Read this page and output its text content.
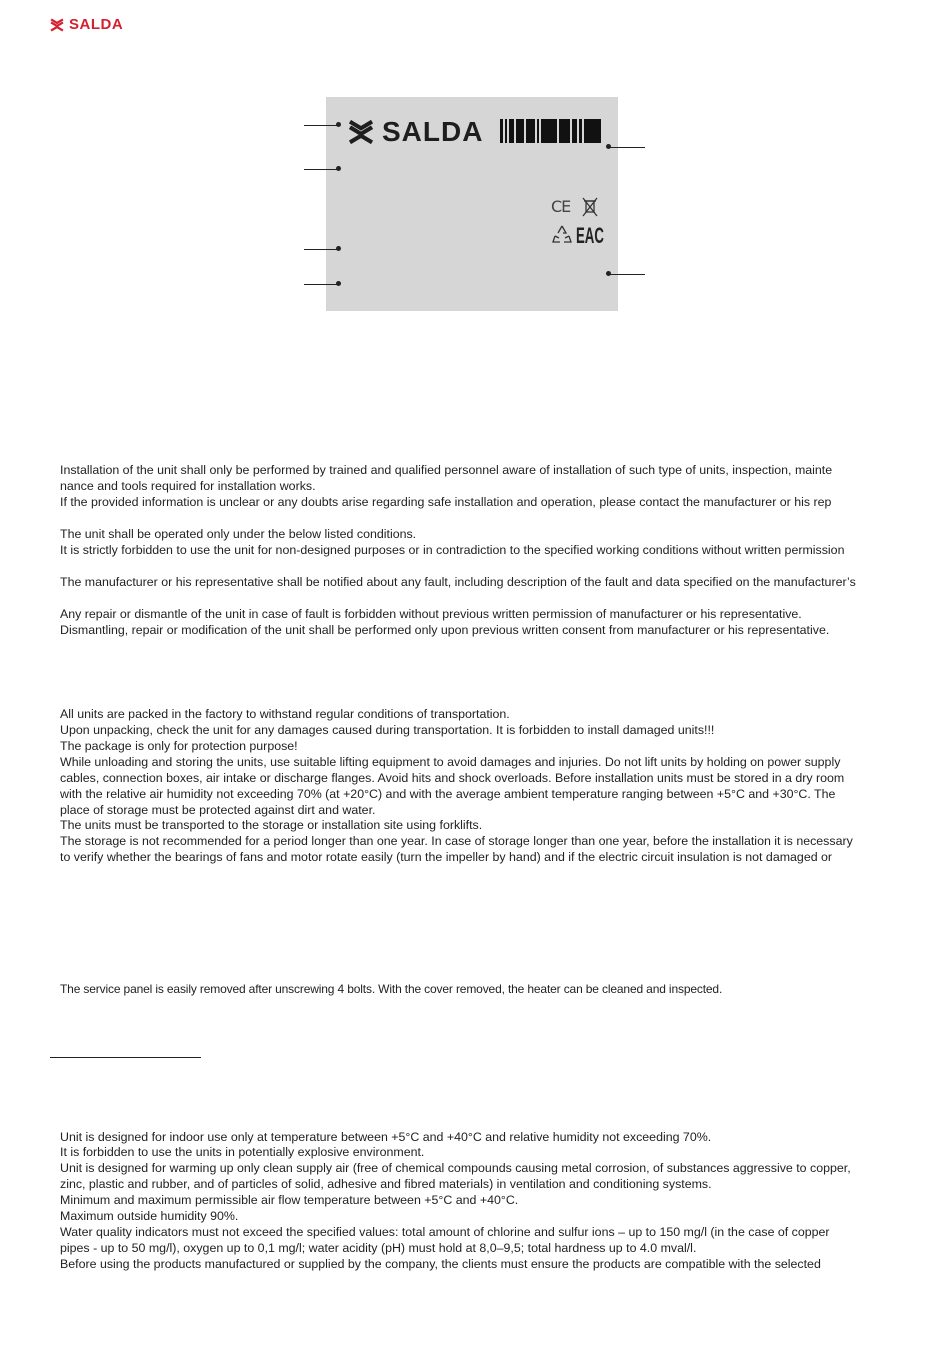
SALDA
SALDA
CE
EAC
Installation of the unit shall only be performed by trained and qualified personnel aware of installation of such type of units, inspection, mainte
nance and tools required for installation works.
If the provided information is unclear or any doubts arise regarding safe installation and operation, please contact the manufacturer or his rep
The unit shall be operated only under the below listed conditions.
It is strictly forbidden to use the unit for non-designed purposes or in contradiction to the specified working conditions without written permission
The manufacturer or his representative shall be notified about any fault, including description of the fault and data specified on the manufacturer’s
Any repair or dismantle of the unit in case of fault is forbidden without previous written permission of manufacturer or his representative.
Dismantling, repair or modification of the unit shall be performed only upon previous written consent from manufacturer or his representative.
All units are packed in the factory to withstand regular conditions of transportation.
Upon unpacking, check the unit for any damages caused during transportation. It is forbidden to install damaged units!!!
The package is only for protection purpose!
While unloading and storing the units, use suitable lifting equipment to avoid damages and injuries. Do not lift units by holding on power supply
cables, connection boxes, air intake or discharge flanges. Avoid hits and shock overloads. Before installation units must be stored in a dry room
with the relative air humidity not exceeding 70% (at +20°C) and with the average ambient temperature ranging between +5°C and +30°C. The
place of storage must be protected against dirt and water.
The units must be transported to the storage or installation site using forklifts.
The storage is not recommended for a period longer than one year. In case of storage longer than one year, before the installation it is necessary
to verify whether the bearings of fans and motor rotate easily (turn the impeller by hand) and if the electric circuit insulation is not damaged or
The service panel is easily removed after unscrewing 4 bolts. With the cover removed, the heater can be cleaned and inspected.
Unit is designed for indoor use only at temperature between +5°C and +40°C and relative humidity not exceeding 70%.
It is forbidden to use the units in potentially explosive environment.
Unit is designed for warming up only clean supply air (free of chemical compounds causing metal corrosion, of substances aggressive to copper,
zinc, plastic and rubber, and of particles of solid, adhesive and fibred materials) in ventilation and conditioning systems.
Minimum and maximum permissible air flow temperature between +5°C and +40°C.
Maximum outside humidity 90%.
Water quality indicators must not exceed the specified values: total amount of chlorine and sulfur ions – up to 150 mg/l (in the case of copper
pipes - up to 50 mg/l), oxygen up to 0,1 mg/l; water acidity (pH) must hold at 8,0–9,5; total hardness up to 4.0 mval/l.
Before using the products manufactured or supplied by the company, the clients must ensure the products are compatible with the selected
